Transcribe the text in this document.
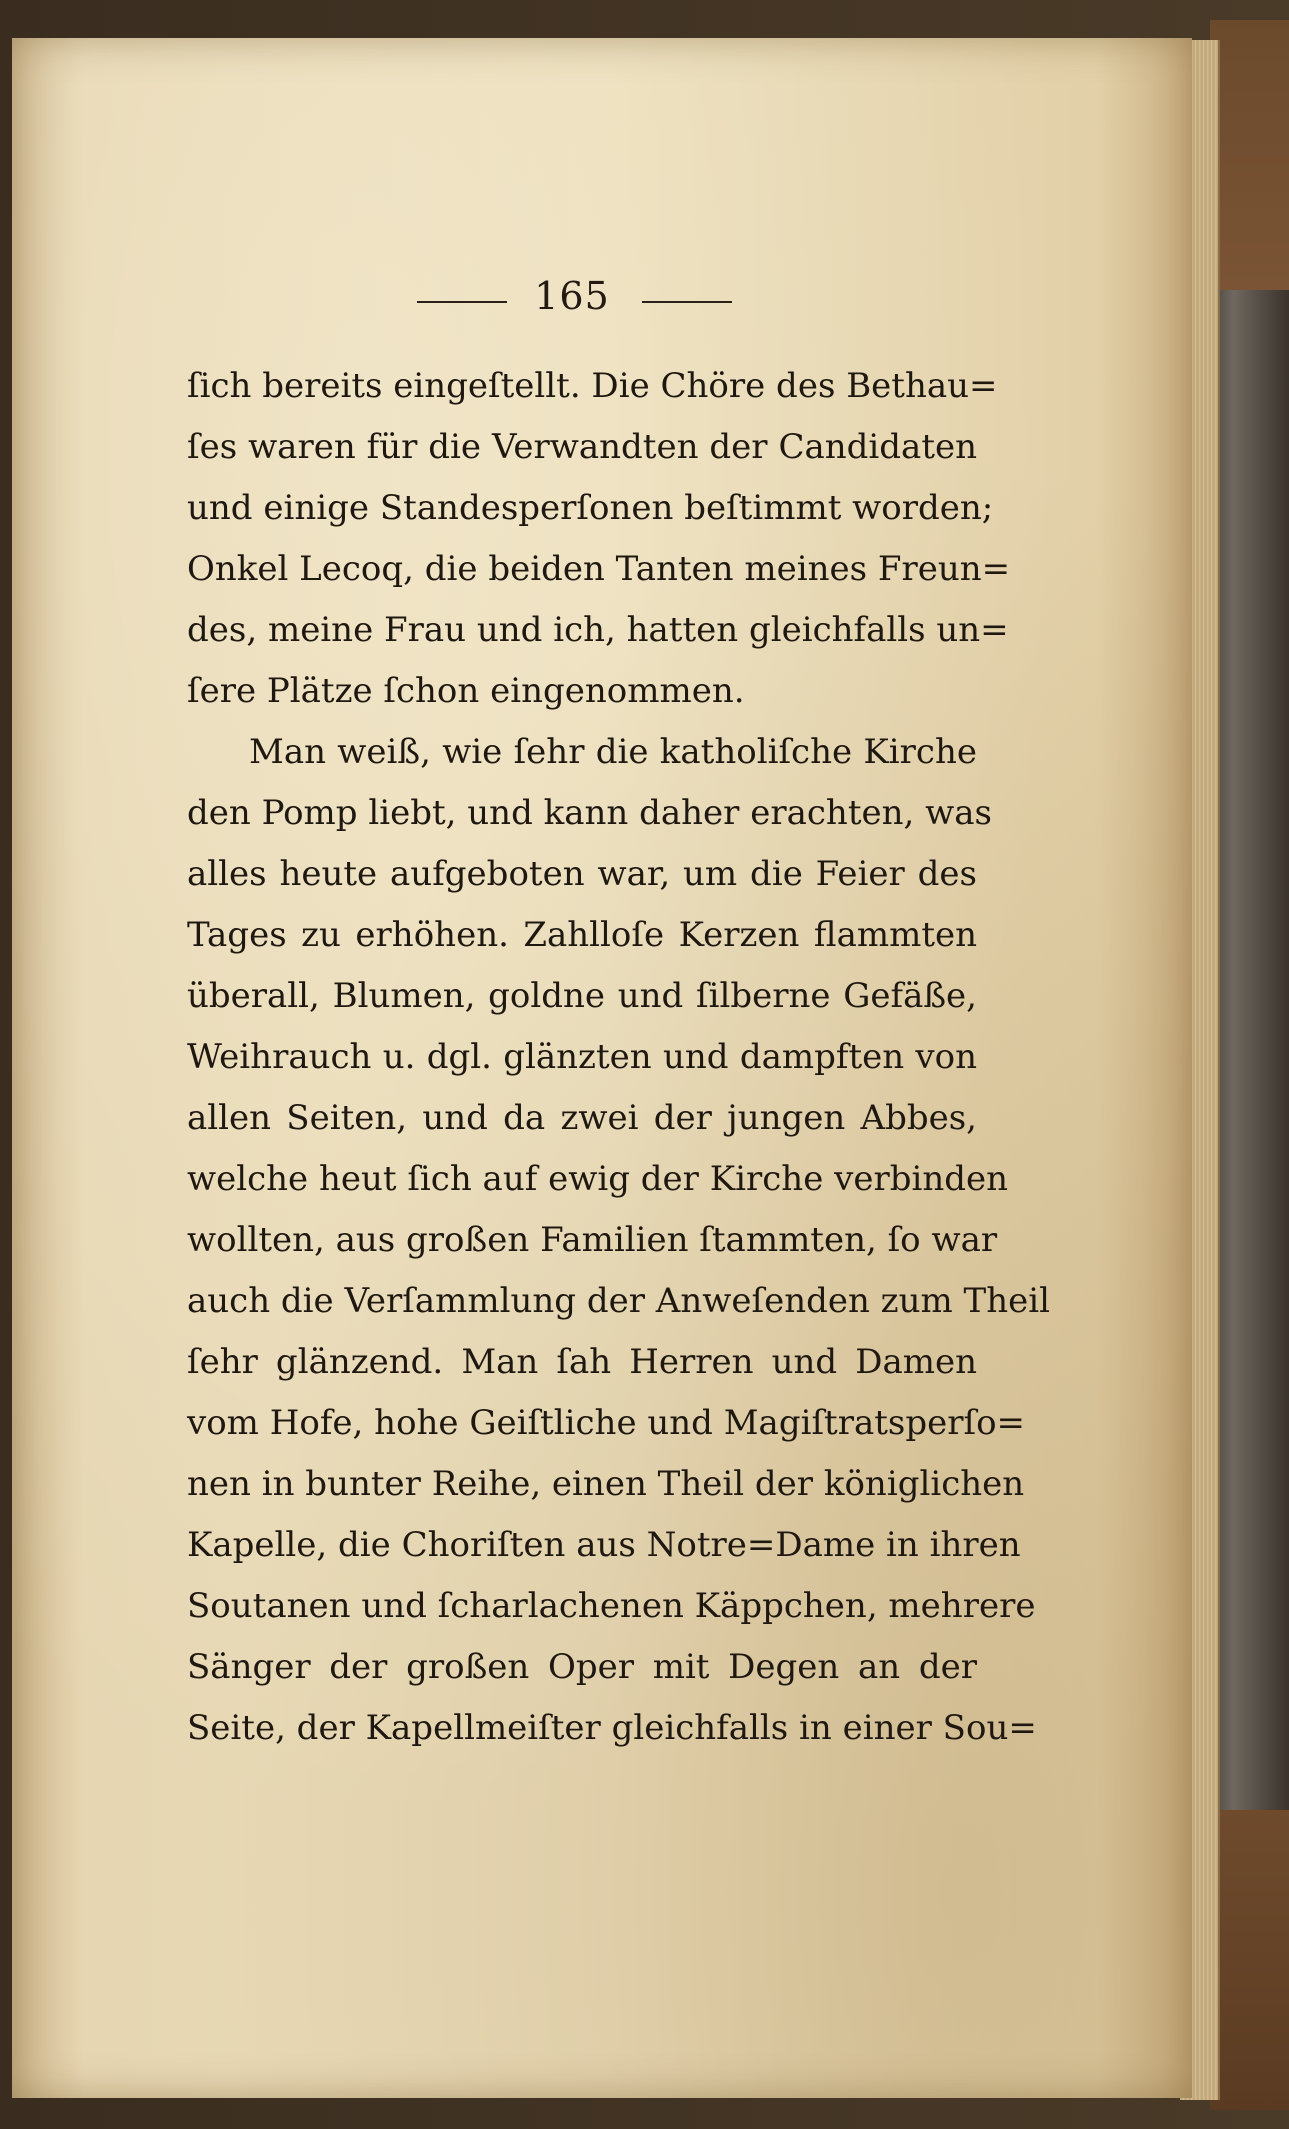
165
ſich bereits eingeſtellt. Die Chöre des Bethau=
ſes waren für die Verwandten der Candidaten
und einige Standesperſonen beſtimmt worden;
Onkel Lecoq, die beiden Tanten meines Freun=
des, meine Frau und ich, hatten gleichfalls un=
ſere Plätze ſchon eingenommen.
Man weiß, wie ſehr die katholiſche Kirche
den Pomp liebt, und kann daher erachten, was
alles heute aufgeboten war, um die Feier des
Tages zu erhöhen. Zahlloſe Kerzen flammten
überall, Blumen, goldne und ſilberne Gefäße,
Weihrauch u. dgl. glänzten und dampften von
allen Seiten, und da zwei der jungen Abbes,
welche heut ſich auf ewig der Kirche verbinden
wollten, aus großen Familien ſtammten, ſo war
auch die Verſammlung der Anweſenden zum Theil
ſehr glänzend. Man ſah Herren und Damen
vom Hofe, hohe Geiſtliche und Magiſtratsperſo=
nen in bunter Reihe, einen Theil der königlichen
Kapelle, die Choriſten aus Notre=Dame in ihren
Soutanen und ſcharlachenen Käppchen, mehrere
Sänger der großen Oper mit Degen an der
Seite, der Kapellmeiſter gleichfalls in einer Sou=
